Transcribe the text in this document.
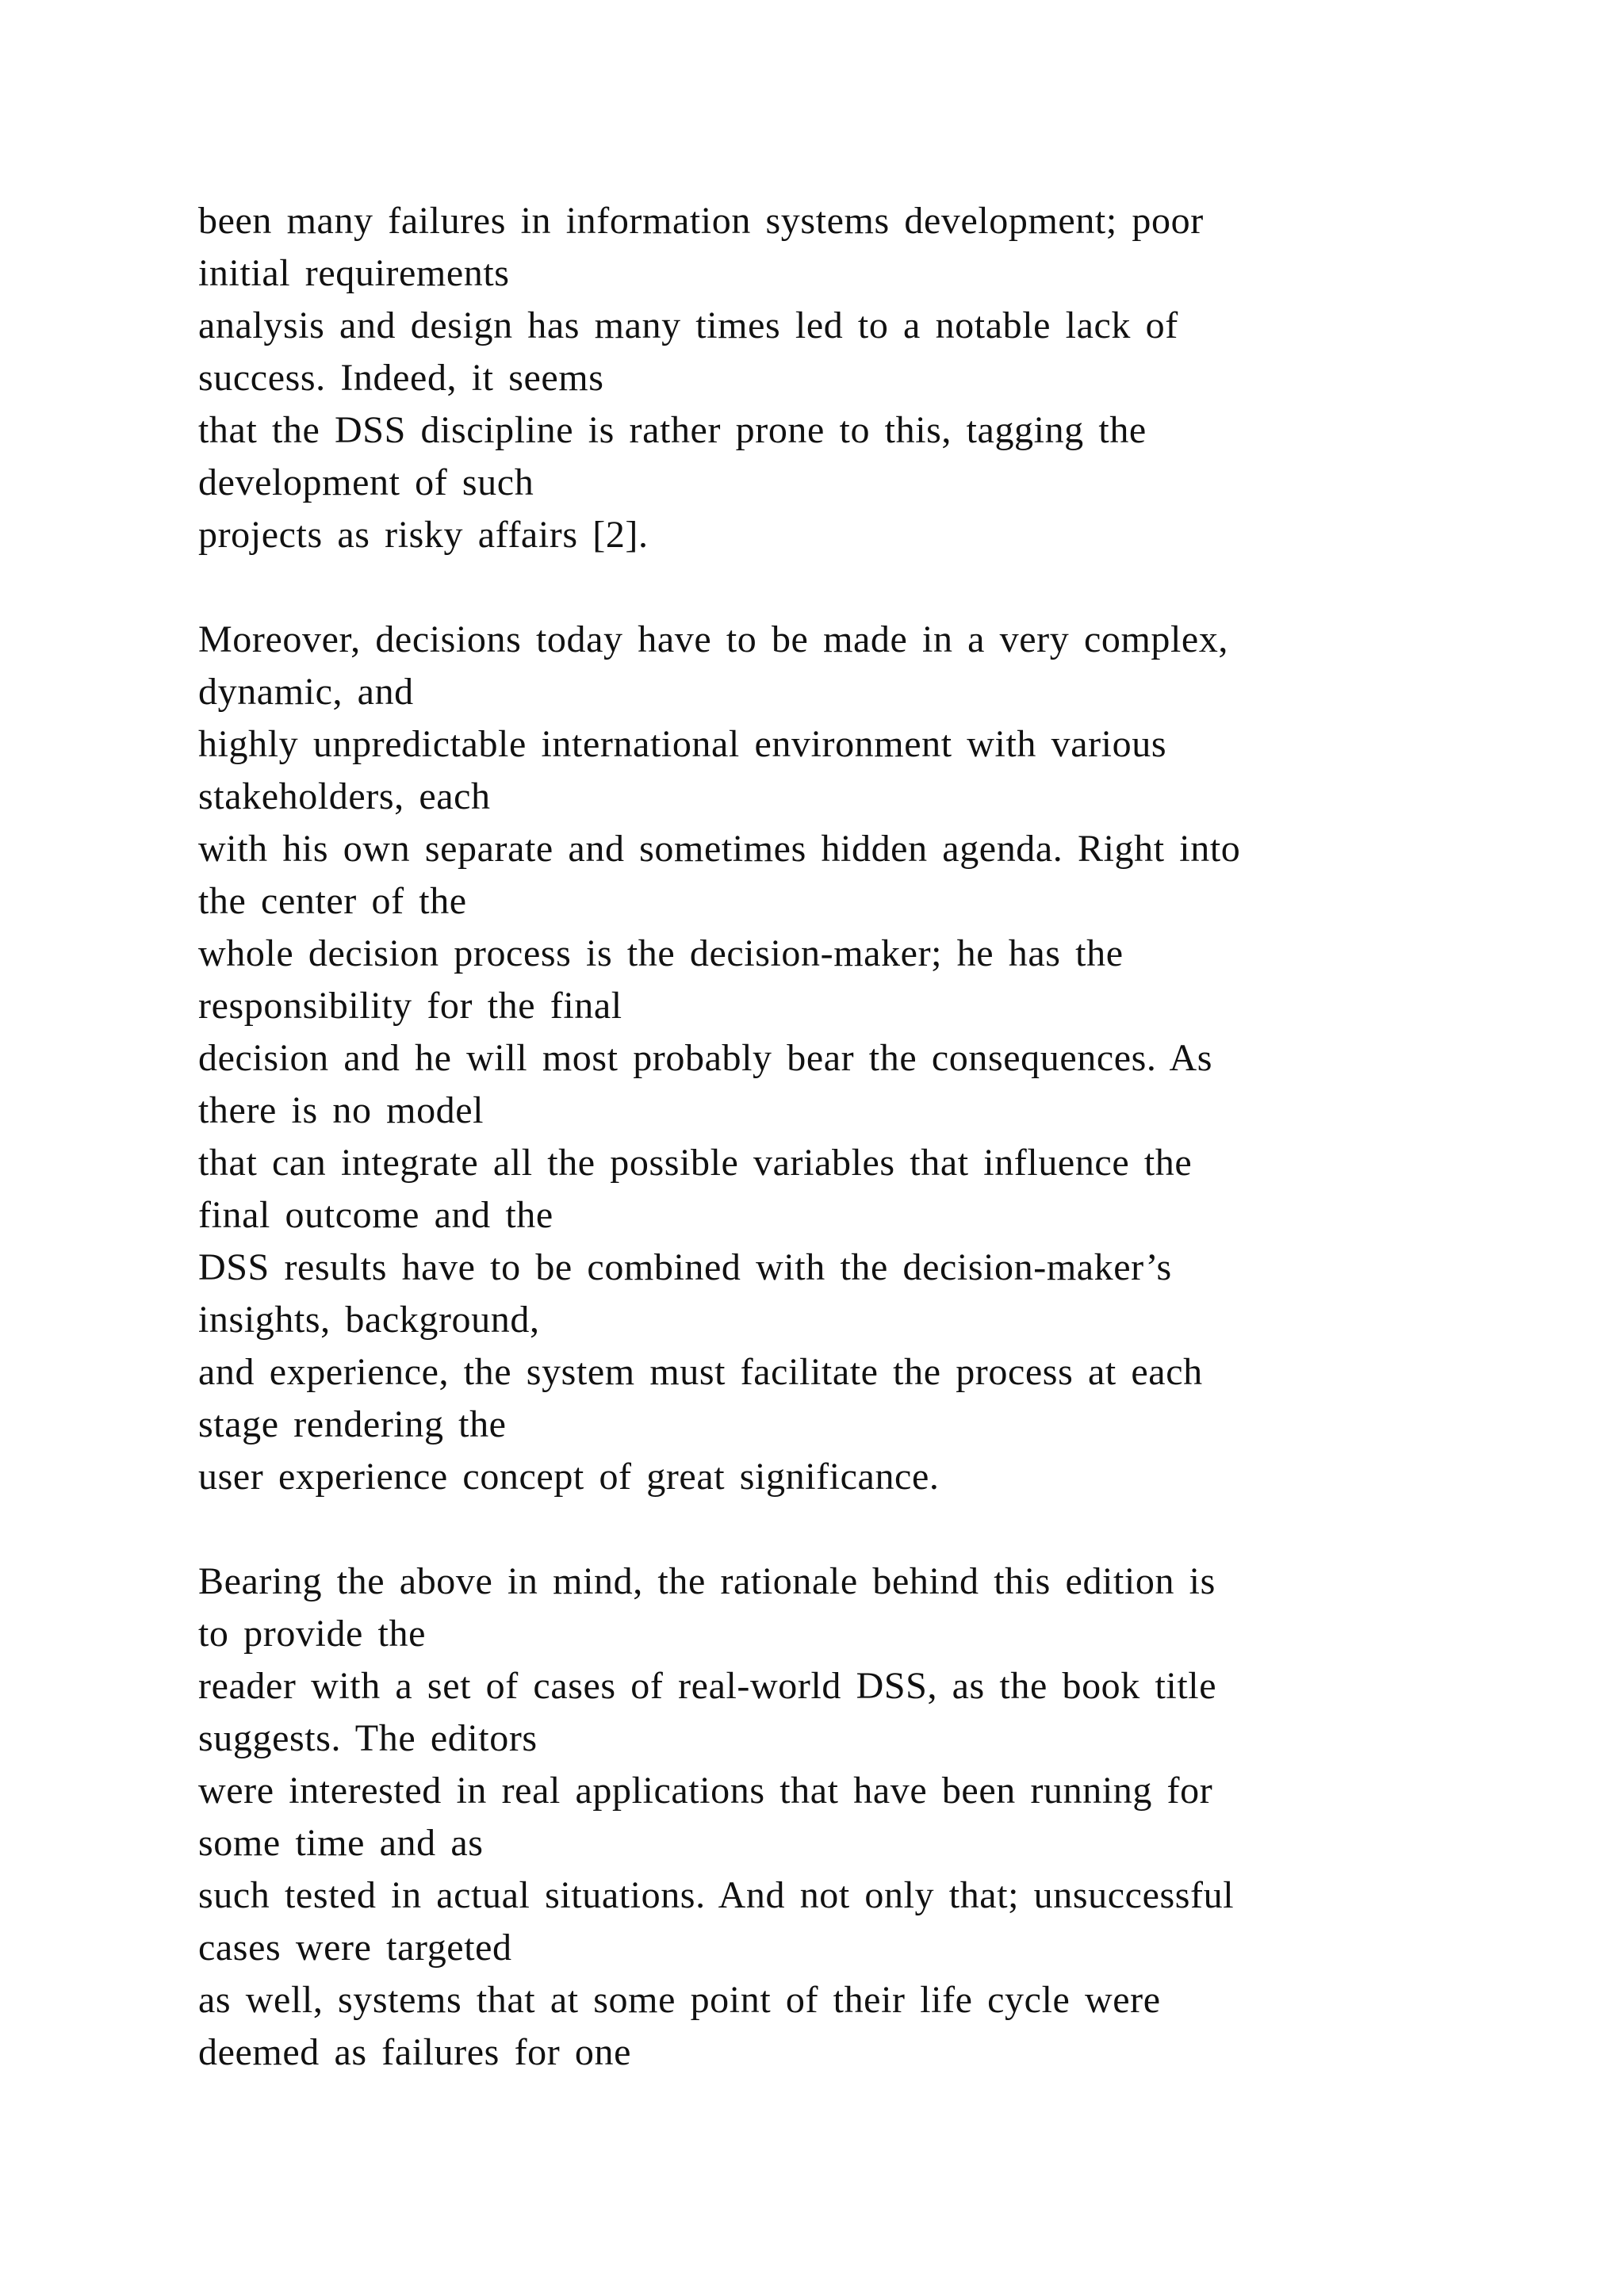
been many failures in information systems development; poor
initial requirements
analysis and design has many times led to a notable lack of
success. Indeed, it seems
that the DSS discipline is rather prone to this, tagging the
development of such
projects as risky affairs [2].
Moreover, decisions today have to be made in a very complex,
dynamic, and
highly unpredictable international environment with various
stakeholders, each
with his own separate and sometimes hidden agenda. Right into
the center of the
whole decision process is the decision-maker; he has the
responsibility for the final
decision and he will most probably bear the consequences. As
there is no model
that can integrate all the possible variables that influence the
final outcome and the
DSS results have to be combined with the decision-maker’s
insights, background,
and experience, the system must facilitate the process at each
stage rendering the
user experience concept of great significance.
Bearing the above in mind, the rationale behind this edition is
to provide the
reader with a set of cases of real-world DSS, as the book title
suggests. The editors
were interested in real applications that have been running for
some time and as
such tested in actual situations. And not only that; unsuccessful
cases were targeted
as well, systems that at some point of their life cycle were
deemed as failures for one
